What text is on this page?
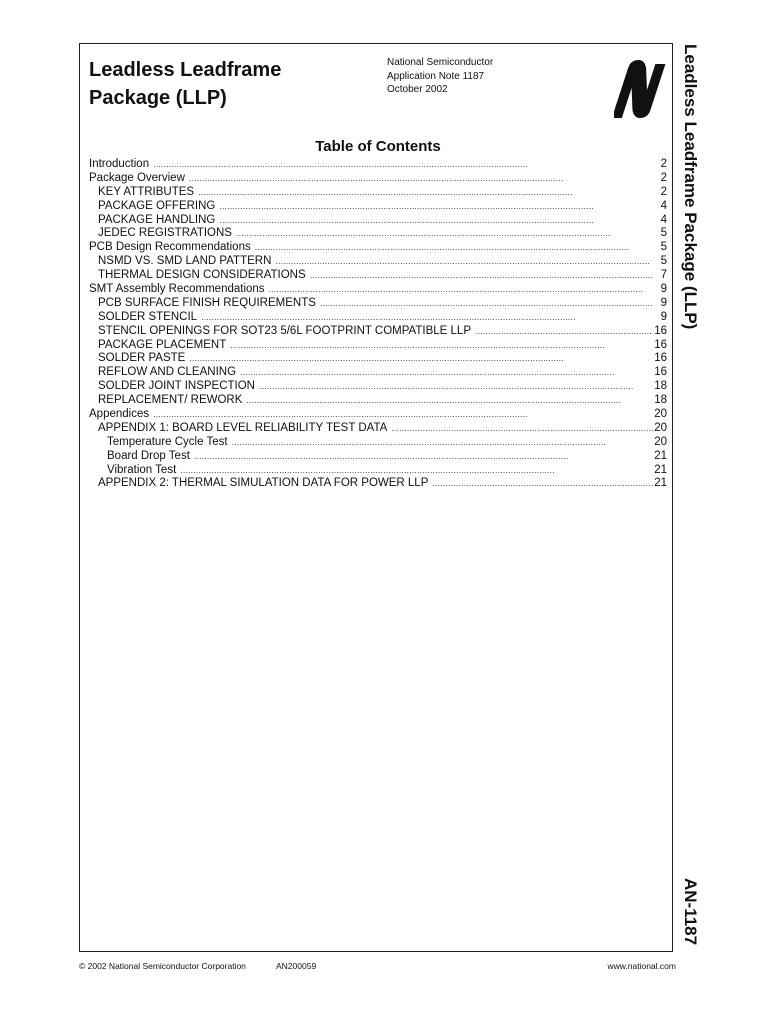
Leadless Leadframe
Package (LLP)
National Semiconductor
Application Note 1187
October 2002
Table of Contents
Introduction . . .	2
Package Overview . . .	2
KEY ATTRIBUTES . . .	2
PACKAGE OFFERING . . .	4
PACKAGE HANDLING . . .	4
JEDEC REGISTRATIONS . . .	5
PCB Design Recommendations . . .	5
NSMD VS. SMD LAND PATTERN . . .	5
THERMAL DESIGN CONSIDERATIONS . . .	7
SMT Assembly Recommendations . . .	9
PCB SURFACE FINISH REQUIREMENTS . . .	9
SOLDER STENCIL . . .	9
STENCIL OPENINGS FOR SOT23 5/6L FOOTPRINT COMPATIBLE LLP . . .	16
PACKAGE PLACEMENT . . .	16
SOLDER PASTE . . .	16
REFLOW AND CLEANING . . .	16
SOLDER JOINT INSPECTION . . .	18
REPLACEMENT/ REWORK . . .	18
Appendices . . .	20
APPENDIX 1: BOARD LEVEL RELIABILITY TEST DATA . . .	20
Temperature Cycle Test . . .	20
Board Drop Test . . .	21
Vibration Test . . .	21
APPENDIX 2: THERMAL SIMULATION DATA FOR POWER LLP . . .	21
Leadless Leadframe Package (LLP)
AN-1187
© 2002 National Semiconductor Corporation	AN200059	www.national.com
